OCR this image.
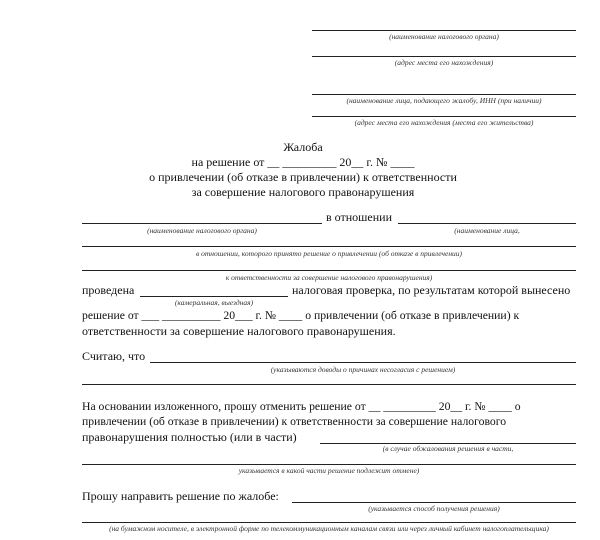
(наименование налогового органа)
(адрес места его нахождения)
(наименование лица, подающего жалобу, ИНН (при наличии)
(адрес места его нахождения (места его жительства)
Жалоба
на решение от __ _________ 20__ г. № ____
о привлечении (об отказе в привлечении) к ответственности
за совершение налогового правонарушения
в отношении
(наименование налогового органа)	(наименование лица,
в отношении, которого принято решение о привлечении (об отказе в привлечении)
к ответственности за совершение налогового правонарушения)
проведена	налоговая проверка, по результатам которой вынесено
(камеральная, выездная)
решение от ___ __________ 20___ г. № ____ о привлечении (об отказе в привлечении) к
ответственности за совершение налогового правонарушения.
Считаю, что
(указываются доводы о причинах несогласия с решением)
На основании изложенного, прошу отменить решение от __ _________ 20__ г. № ____ о
привлечении (об отказе в привлечении) к ответственности за совершение налогового
правонарушения полностью (или в части)
(в случае обжалования решения в части,
указывается в какой части решение подлежит отмене)
Прошу направить решение по жалобе:
(указывается способ получения решения)
(на бумажном носителе, в электронной форме по телекоммуникационным каналам связи или через личный кабинет налогоплательщика)
